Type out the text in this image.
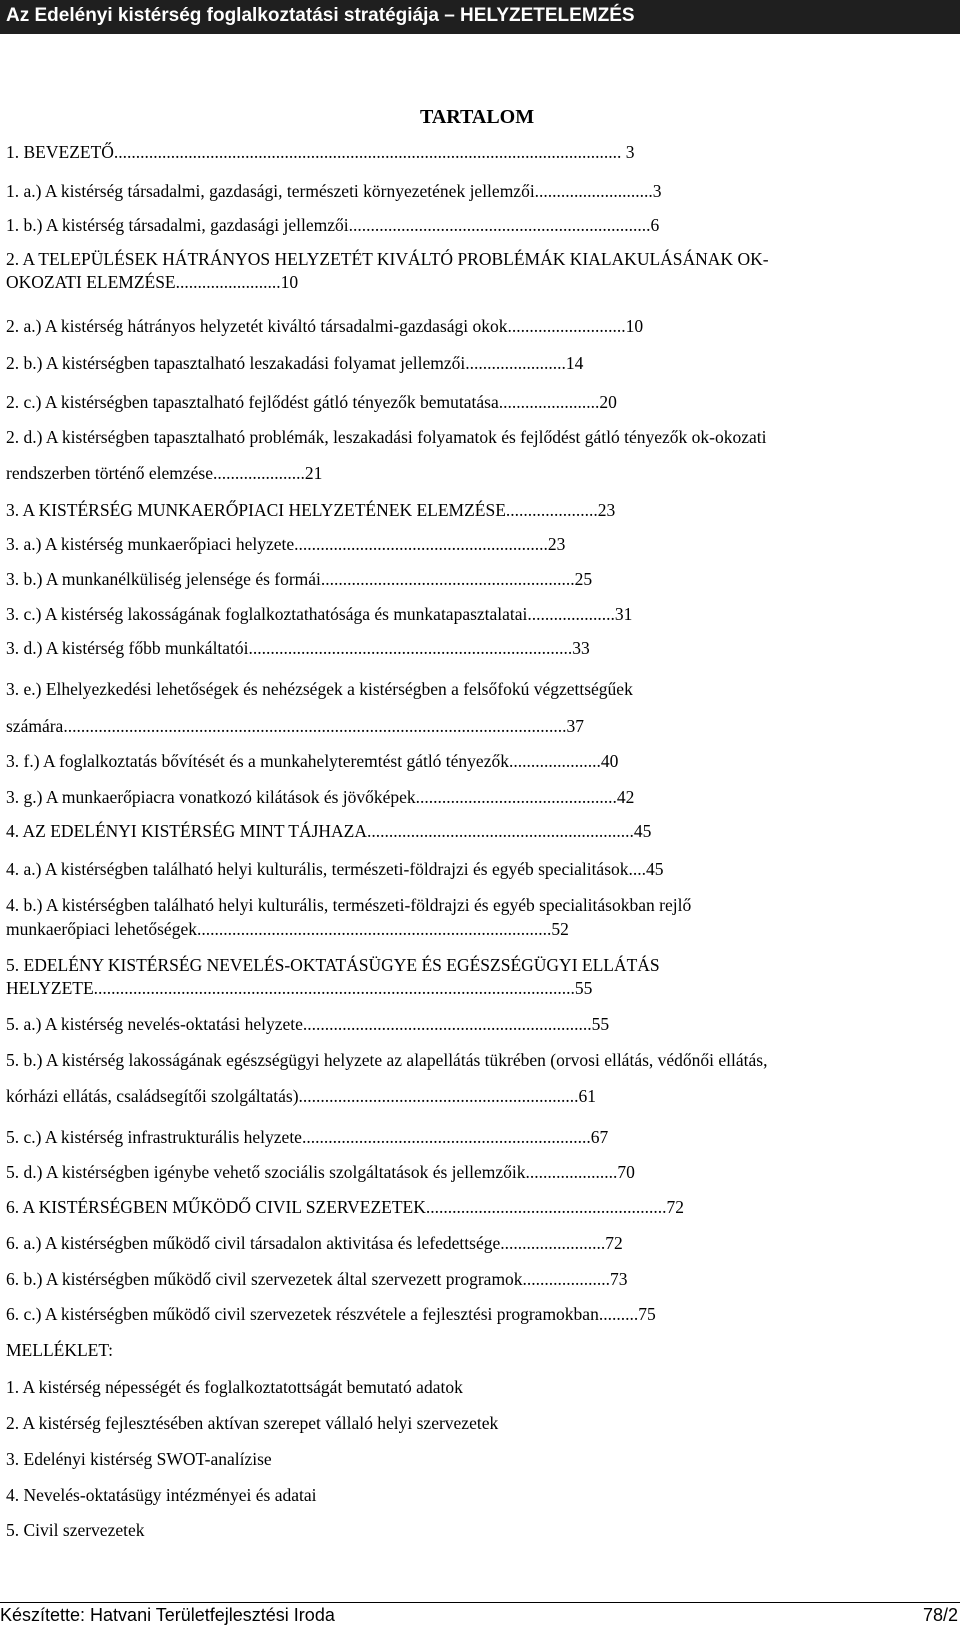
Az Edelényi kistérség foglalkoztatási stratégiája – HELYZETELEMZÉS
TARTALOM
1. BEVEZETŐ.................................................................................................................... 3
1. a.) A kistérség társadalmi, gazdasági, természeti környezetének jellemzői...........................3
1. b.) A kistérség társadalmi, gazdasági jellemzői.....................................................................6
2. A TELEPÜLÉSEK HÁTRÁNYOS HELYZETÉT KIVÁLTÓ PROBLÉMÁK KIALAKULÁSÁNAK OK-
OKOZATI ELEMZÉSE........................10
2. a.) A kistérség hátrányos helyzetét kiváltó társadalmi-gazdasági okok...........................10
2. b.) A kistérségben tapasztalható leszakadási folyamat jellemzői.......................14
2. c.) A kistérségben tapasztalható fejlődést gátló tényezők bemutatása.......................20
2. d.) A kistérségben tapasztalható problémák, leszakadási folyamatok és fejlődést gátló tényezők ok-okozati
rendszerben történő elemzése.....................21
3. A KISTÉRSÉG MUNKAERŐPIACI HELYZETÉNEK ELEMZÉSE.....................23
3. a.) A kistérség munkaerőpiaci helyzete..........................................................23
3. b.) A munkanélküliség jelensége és formái..........................................................25
3. c.) A kistérség lakosságának foglalkoztathatósága és munkatapasztalatai....................31
3. d.) A kistérség főbb munkáltatói..........................................................................33
3. e.) Elhelyezkedési lehetőségek és nehézségek a kistérségben a felsőfokú végzettségűek
számára...................................................................................................................37
3. f.) A foglalkoztatás bővítését és a munkahelyteremtést gátló tényezők.....................40
3. g.) A munkaerőpiacra vonatkozó kilátások és jövőképek..............................................42
4. AZ EDELÉNYI KISTÉRSÉG MINT TÁJHAZA.............................................................45
4. a.) A kistérségben található helyi kulturális, természeti-földrajzi és egyéb specialitások....45
4. b.) A kistérségben található helyi kulturális, természeti-földrajzi és egyéb specialitásokban rejlő
munkaerőpiaci lehetőségek.................................................................................52
5. EDELÉNY KISTÉRSÉG NEVELÉS-OKTATÁSÜGYE ÉS EGÉSZSÉGÜGYI ELLÁTÁS
HELYZETE..............................................................................................................55
5. a.) A kistérség nevelés-oktatási helyzete..................................................................55
5. b.) A kistérség lakosságának egészségügyi helyzete az alapellátás tükrében (orvosi ellátás, védőnői ellátás,
kórházi ellátás, családsegítői szolgáltatás)................................................................61
5. c.) A kistérség infrastrukturális helyzete..................................................................67
5. d.) A kistérségben igénybe vehető szociális szolgáltatások és jellemzőik.....................70
6. A KISTÉRSÉGBEN MŰKÖDŐ CIVIL SZERVEZETEK.......................................................72
6. a.) A kistérségben működő civil társadalon aktivitása és lefedettsége........................72
6. b.) A kistérségben működő civil szervezetek által szervezett programok....................73
6. c.) A kistérségben működő civil szervezetek részvétele a fejlesztési programokban.........75
MELLÉKLET:
1. A kistérség népességét és foglalkoztatottságát bemutató adatok
2. A kistérség fejlesztésében aktívan szerepet vállaló helyi szervezetek
3. Edelényi kistérség SWOT-analízise
4. Nevelés-oktatásügy intézményei és adatai
5. Civil szervezetek
Készítette: Hatvani Területfejlesztési Iroda	78/2
